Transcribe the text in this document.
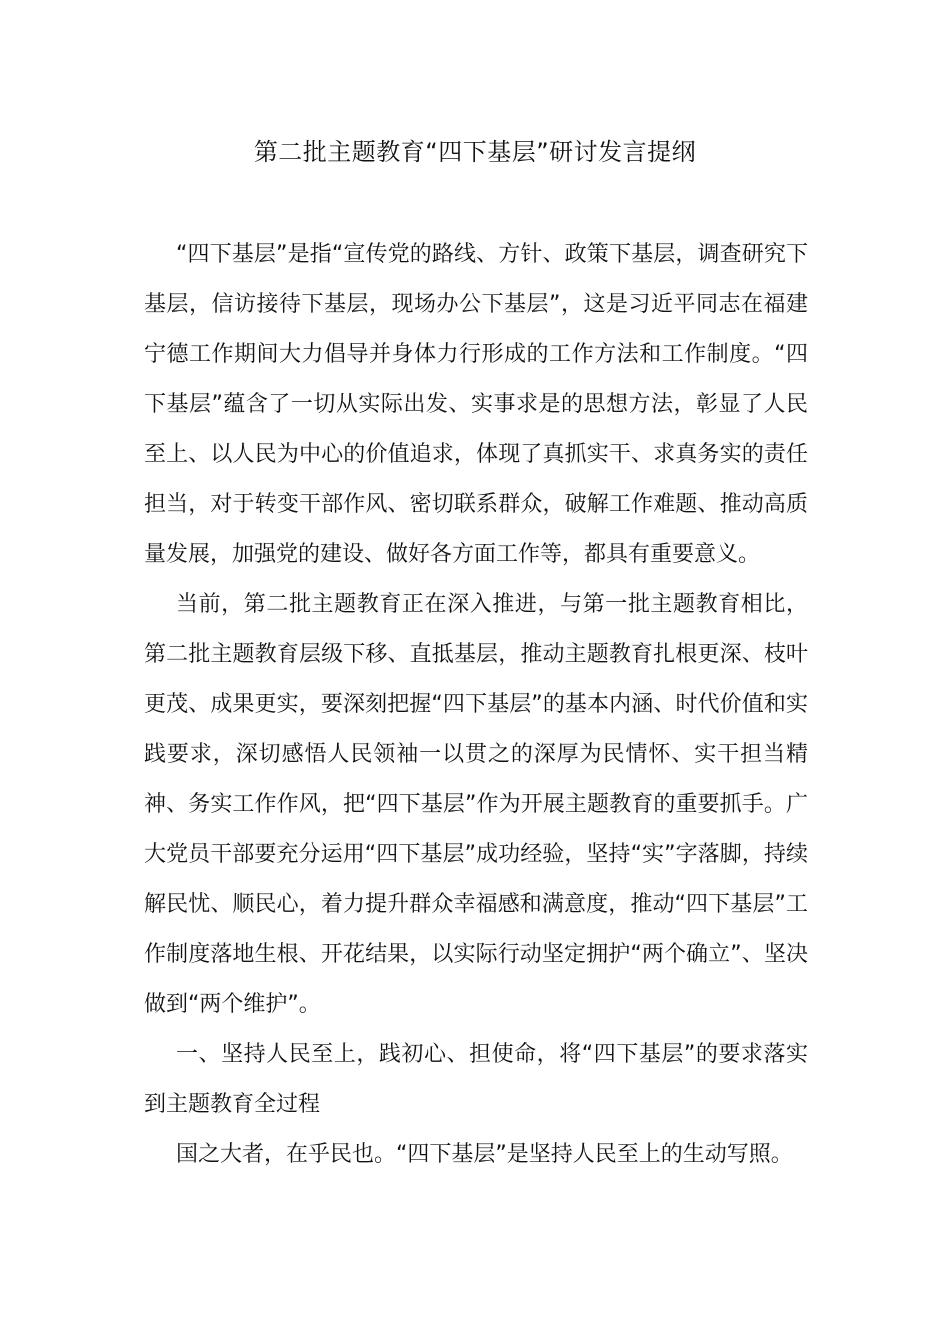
第二批主题教育“四下基层”研讨发言提纲

“四下基层”是指“宣传党的路线、方针、政策下基层，调查研究下基层，信访接待下基层，现场办公下基层”，这是习近平同志在福建宁德工作期间大力倡导并身体力行形成的工作方法和工作制度。“四下基层”蕴含了一切从实际出发、实事求是的思想方法，彰显了人民至上、以人民为中心的价值追求，体现了真抓实干、求真务实的责任担当，对于转变干部作风、密切联系群众，破解工作难题、推动高质量发展，加强党的建设、做好各方面工作等，都具有重要意义。

当前，第二批主题教育正在深入推进，与第一批主题教育相比，第二批主题教育层级下移、直抵基层，推动主题教育扎根更深、枝叶更茂、成果更实，要深刻把握“四下基层”的基本内涵、时代价值和实践要求，深切感悟人民领袖一以贯之的深厚为民情怀、实干担当精神、务实工作作风，把“四下基层”作为开展主题教育的重要抓手。广大党员干部要充分运用“四下基层”成功经验，坚持“实”字落脚，持续解民忧、顺民心，着力提升群众幸福感和满意度，推动“四下基层”工作制度落地生根、开花结果，以实际行动坚定拥护“两个确立”、坚决做到“两个维护”。

一、坚持人民至上，践初心、担使命，将“四下基层”的要求落实到主题教育全过程

国之大者，在乎民也。“四下基层”是坚持人民至上的生动写照。
